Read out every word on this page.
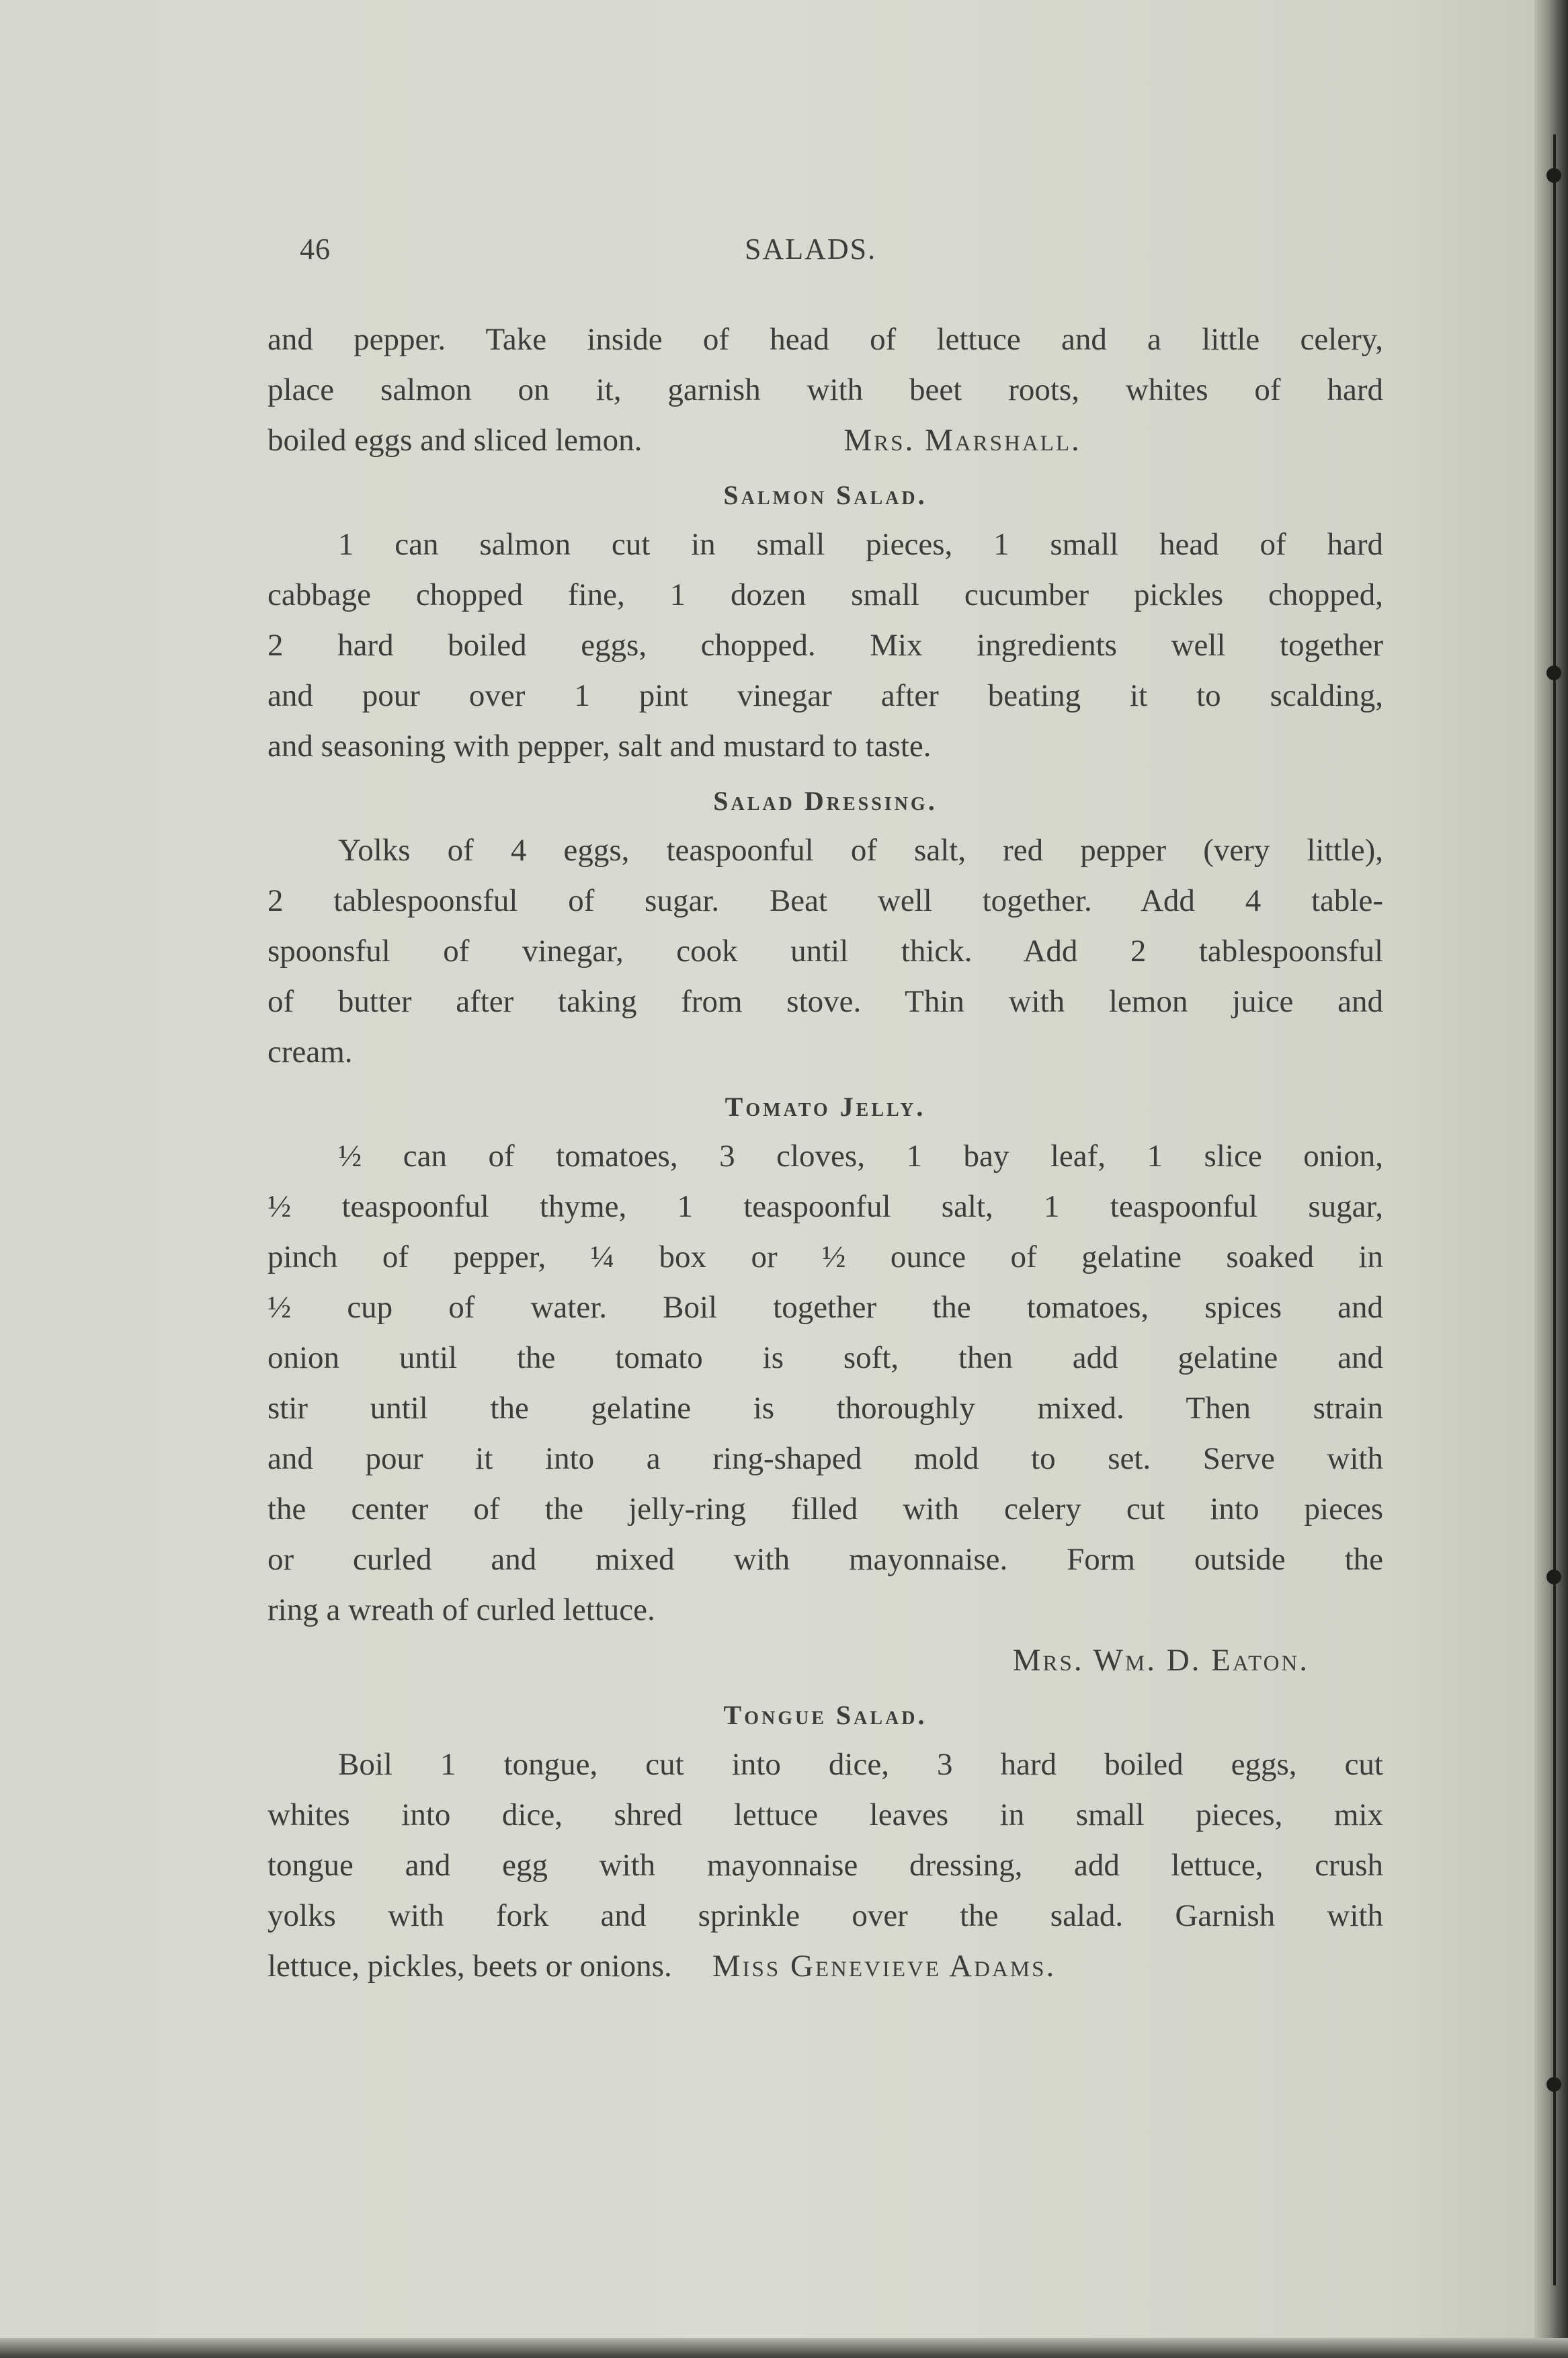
46	SALADS.
and pepper. Take inside of head of lettuce and a little celery,
place salmon on it, garnish with beet roots, whites of hard
boiled eggs and sliced lemon.	Mrs. Marshall.
Salmon Salad.
1 can salmon cut in small pieces, 1 small head of hard
cabbage chopped fine, 1 dozen small cucumber pickles chopped,
2 hard boiled eggs, chopped. Mix ingredients well together
and pour over 1 pint vinegar after beating it to scalding,
and seasoning with pepper, salt and mustard to taste.
Salad Dressing.
Yolks of 4 eggs, teaspoonful of salt, red pepper (very little),
2 tablespoonsful of sugar. Beat well together. Add 4 table-
spoonsful of vinegar, cook until thick. Add 2 tablespoonsful
of butter after taking from stove. Thin with lemon juice and
cream.
Tomato Jelly.
½ can of tomatoes, 3 cloves, 1 bay leaf, 1 slice onion,
½ teaspoonful thyme, 1 teaspoonful salt, 1 teaspoonful sugar,
pinch of pepper, ¼ box or ½ ounce of gelatine soaked in
½ cup of water. Boil together the tomatoes, spices and
onion until the tomato is soft, then add gelatine and
stir until the gelatine is thoroughly mixed. Then strain
and pour it into a ring-shaped mold to set. Serve with
the center of the jelly-ring filled with celery cut into pieces
or curled and mixed with mayonnaise. Form outside the
ring a wreath of curled lettuce.
Mrs. Wm. D. Eaton.
Tongue Salad.
Boil 1 tongue, cut into dice, 3 hard boiled eggs, cut
whites into dice, shred lettuce leaves in small pieces, mix
tongue and egg with mayonnaise dressing, add lettuce, crush
yolks with fork and sprinkle over the salad. Garnish with
lettuce, pickles, beets or onions. Miss Genevieve Adams.
